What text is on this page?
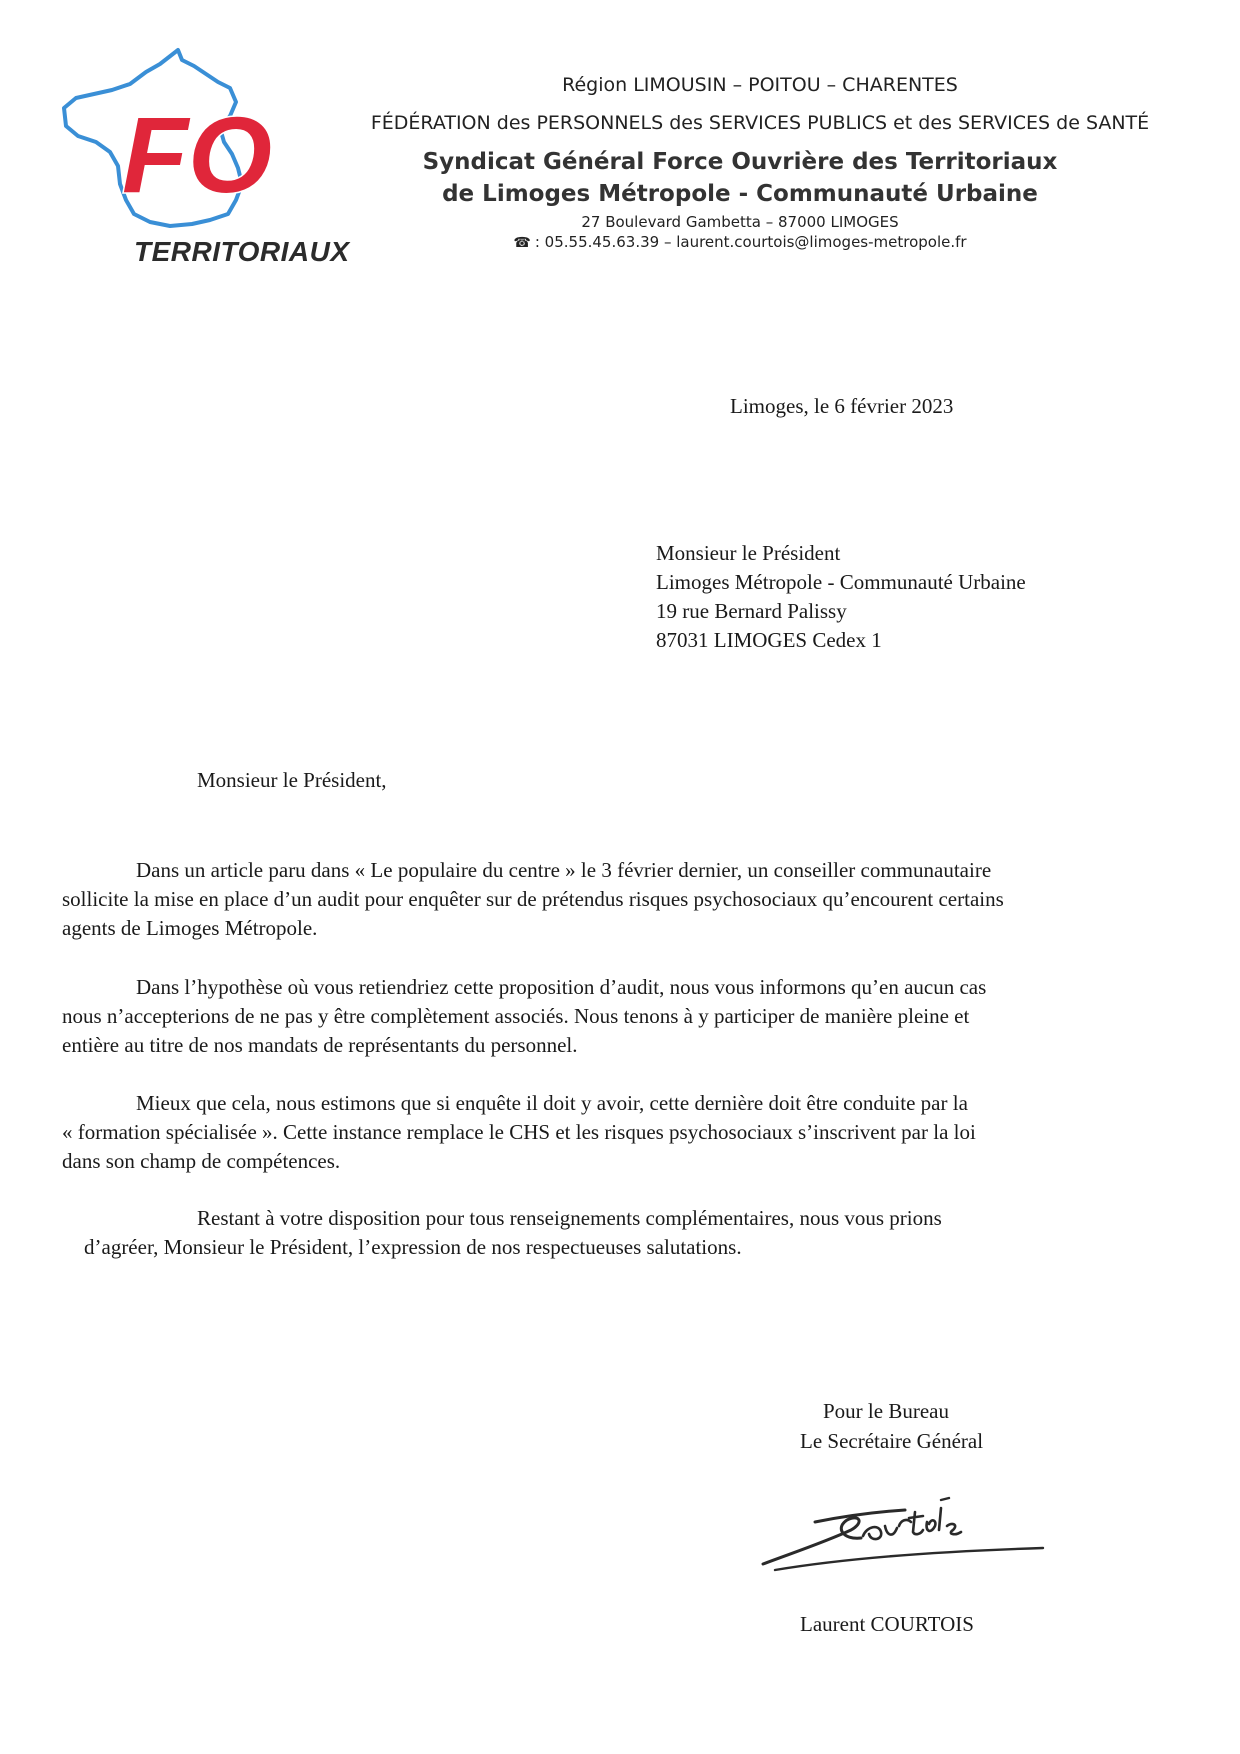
FO
TERRITORIAUX
Région LIMOUSIN – POITOU – CHARENTES
FÉDÉRATION des PERSONNELS des SERVICES PUBLICS et des SERVICES de SANTÉ
Syndicat Général Force Ouvrière des Territoriaux
de Limoges Métropole - Communauté Urbaine
27 Boulevard Gambetta – 87000 LIMOGES
☎ : 05.55.45.63.39 – laurent.courtois@limoges-metropole.fr
Limoges, le 6 février 2023
Monsieur le Président
Limoges Métropole - Communauté Urbaine
19 rue Bernard Palissy
87031 LIMOGES Cedex 1
Monsieur le Président,
Dans un article paru dans « Le populaire du centre » le 3 février dernier, un conseiller communautaire
sollicite la mise en place d’un audit pour enquêter sur de prétendus risques psychosociaux qu’encourent certains
agents de Limoges Métropole.
Dans l’hypothèse où vous retiendriez cette proposition d’audit, nous vous informons qu’en aucun cas
nous n’accepterions de ne pas y être complètement associés. Nous tenons à y participer de manière pleine et
entière au titre de nos mandats de représentants du personnel.
Mieux que cela, nous estimons que si enquête il doit y avoir, cette dernière doit être conduite par la
« formation spécialisée ». Cette instance remplace le CHS et les risques psychosociaux s’inscrivent par la loi
dans son champ de compétences.
Restant à votre disposition pour tous renseignements complémentaires, nous vous prions
d’agréer, Monsieur le Président, l’expression de nos respectueuses salutations.
Pour le Bureau
Le Secrétaire Général
Laurent COURTOIS
